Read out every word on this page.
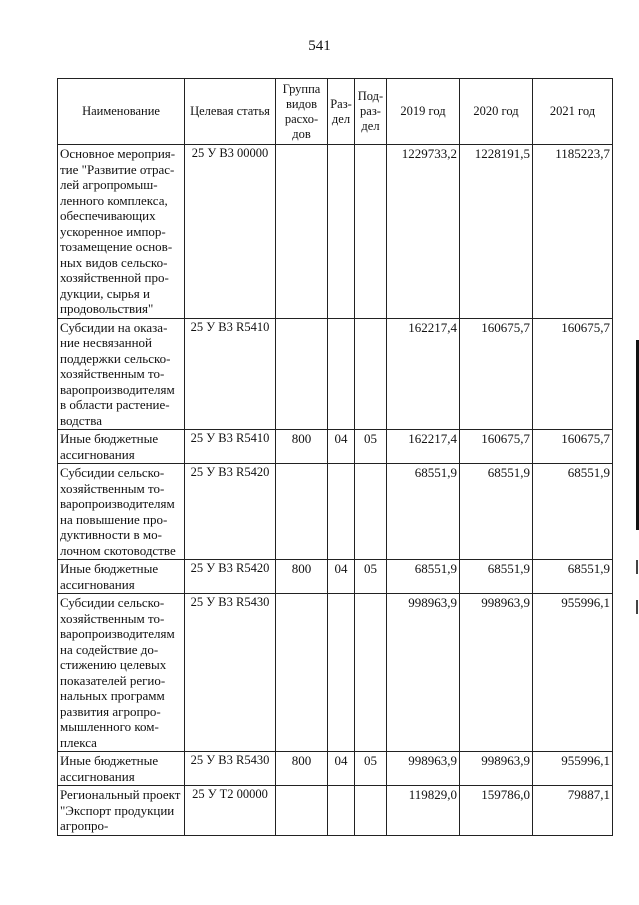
541
Наименование	Целевая статья	Группа видов расхо-дов	Раз-дел	Под-раз-дел	2019 год	2020 год	2021 год
Основное мероприя-тие "Развитие отрас-лей агропромыш-ленного комплекса, обеспечивающих ускоренное импор-тозамещение основ-ных видов сельско-хозяйственной про-дукции, сырья и продовольствия"	25 У В3 00000				1229733,2	1228191,5	1185223,7
Субсидии на оказа-ние несвязанной поддержки сельско-хозяйственным то-варопроизводителям в области растение-водства	25 У В3 R5410				162217,4	160675,7	160675,7
Иные бюджетные ассигнования	25 У В3 R5410	800	04	05	162217,4	160675,7	160675,7
Субсидии сельско-хозяйственным то-варопроизводителям на повышение про-дуктивности в мо-лочном скотоводстве	25 У В3 R5420				68551,9	68551,9	68551,9
Иные бюджетные ассигнования	25 У В3 R5420	800	04	05	68551,9	68551,9	68551,9
Субсидии сельско-хозяйственным то-варопроизводителям на содействие до-стижению целевых показателей регио-нальных программ развития агропро-мышленного ком-плекса	25 У В3 R5430				998963,9	998963,9	955996,1
Иные бюджетные ассигнования	25 У В3 R5430	800	04	05	998963,9	998963,9	955996,1
Региональный проект "Экспорт продукции агропро-	25 У Т2 00000				119829,0	159786,0	79887,1
